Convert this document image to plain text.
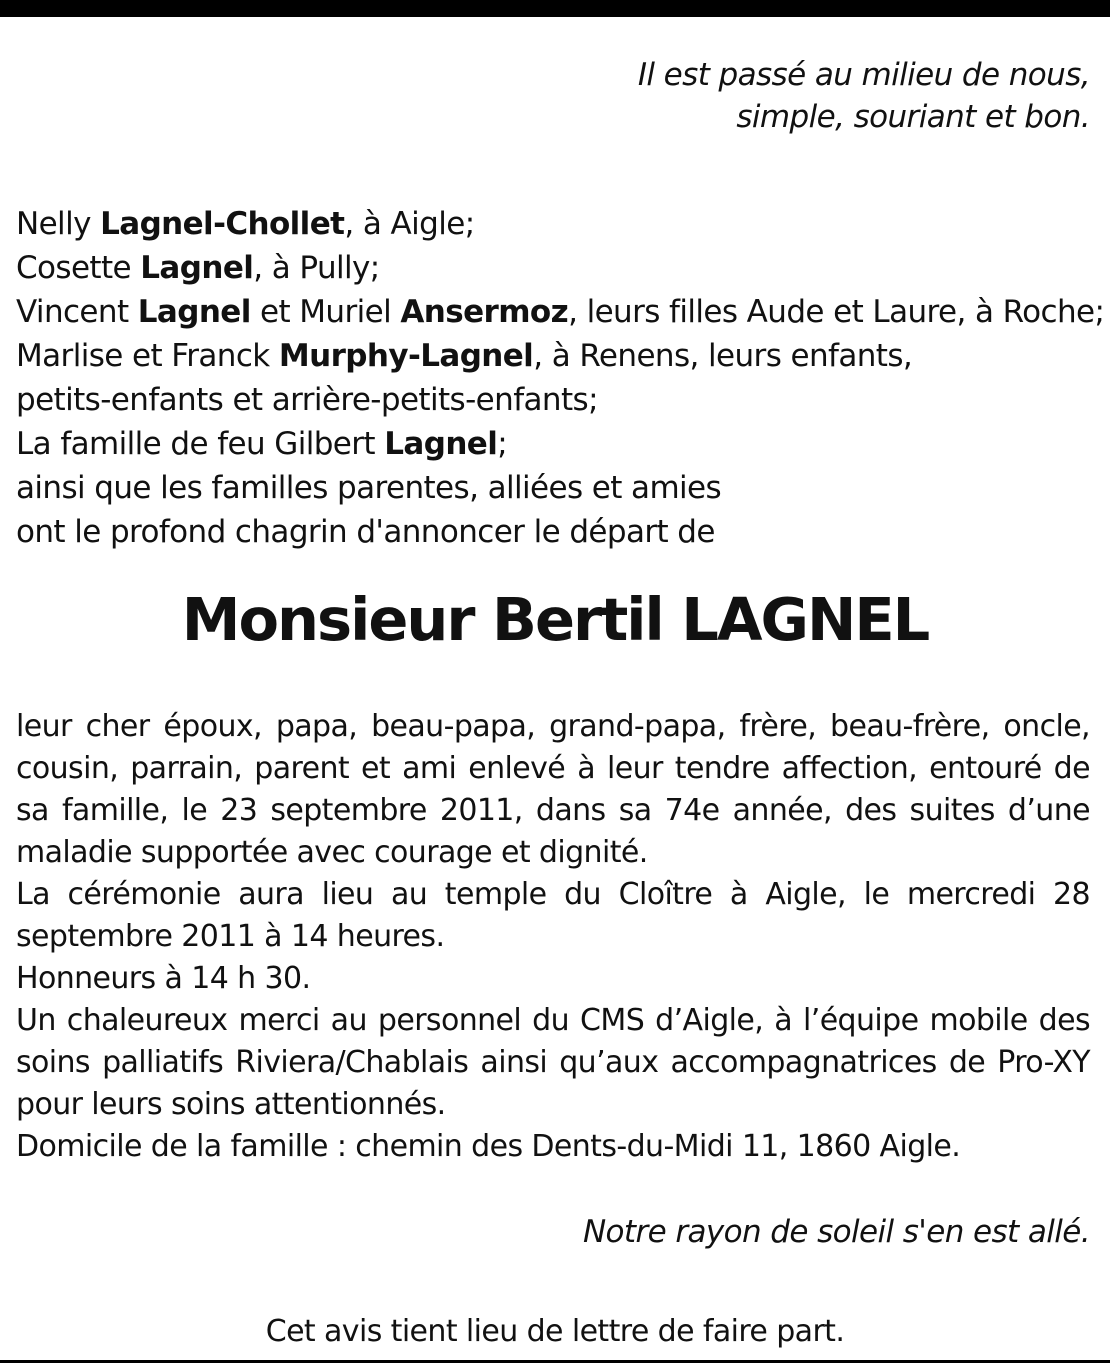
Il est passé au milieu de nous,
simple, souriant et bon.
Nelly Lagnel-Chollet, à Aigle;
Cosette Lagnel, à Pully;
Vincent Lagnel et Muriel Ansermoz, leurs filles Aude et Laure, à Roche;
Marlise et Franck Murphy-Lagnel, à Renens, leurs enfants,
petits-enfants et arrière-petits-enfants;
La famille de feu Gilbert Lagnel;
ainsi que les familles parentes, alliées et amies
ont le profond chagrin d'annoncer le départ de
Monsieur Bertil LAGNEL
leur cher époux, papa, beau-papa, grand-papa, frère, beau-frère, oncle, cousin, parrain, parent et ami enlevé à leur tendre affection, entouré de sa famille, le 23 septembre 2011, dans sa 74e année, des suites d’une maladie supportée avec courage et dignité.
La cérémonie aura lieu au temple du Cloître à Aigle, le mercredi 28 septembre 2011 à 14 heures.
Honneurs à 14 h 30.
Un chaleureux merci au personnel du CMS d’Aigle, à l’équipe mobile des soins palliatifs Riviera/Chablais ainsi qu’aux accompagnatrices de Pro-XY pour leurs soins attentionnés.
Domicile de la famille : chemin des Dents-du-Midi 11, 1860 Aigle.
Notre rayon de soleil s'en est allé.
Cet avis tient lieu de lettre de faire part.
